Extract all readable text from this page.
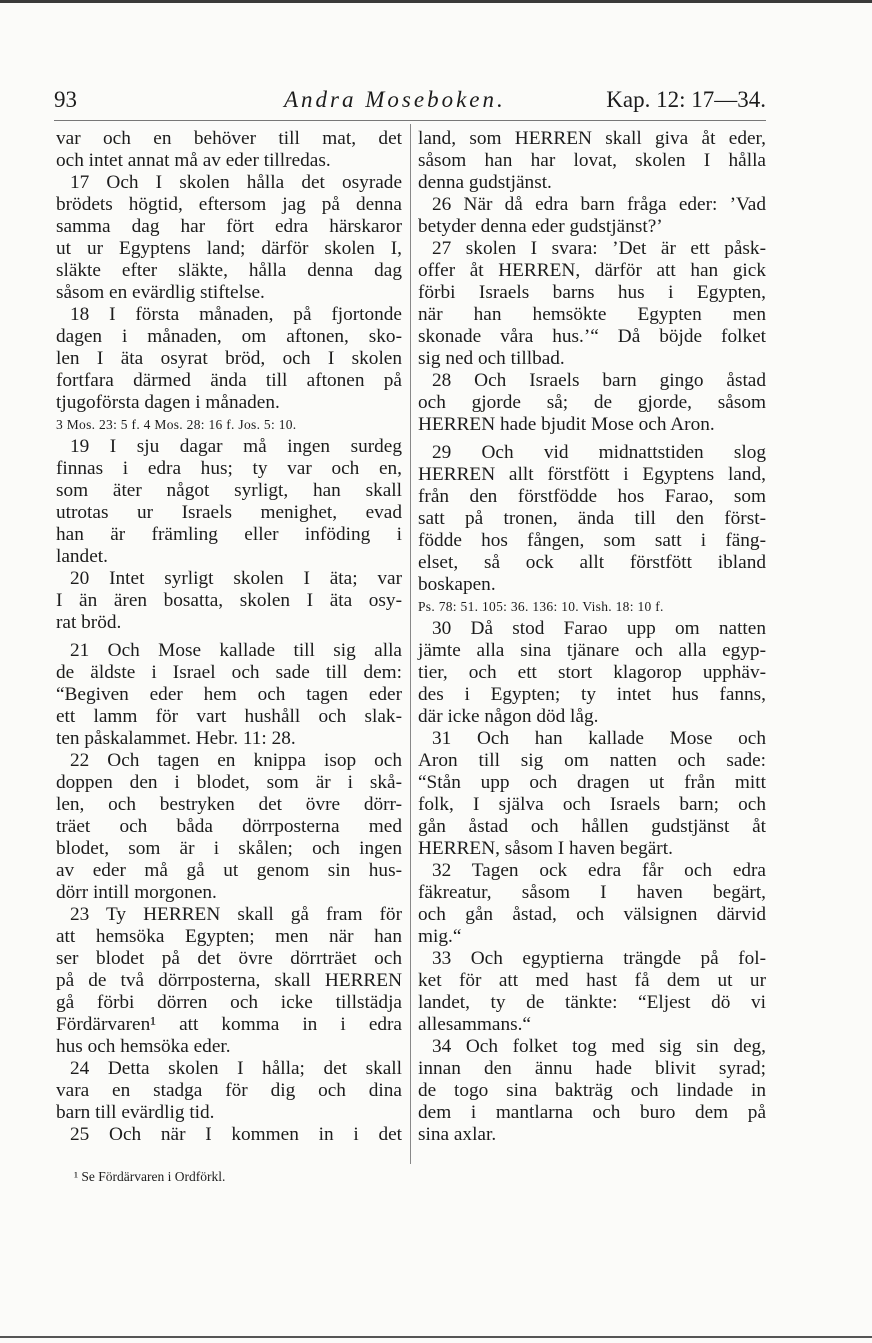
93	Andra Moseboken.	Kap. 12: 17—34.
var och en behöver till mat, det
och intet annat må av eder tillredas.
17 Och I skolen hålla det osyrade
brödets högtid, eftersom jag på denna
samma dag har fört edra härskaror
ut ur Egyptens land; därför skolen I,
släkte efter släkte, hålla denna dag
såsom en evärdlig stiftelse.
18 I första månaden, på fjortonde
dagen i månaden, om aftonen, sko-
len I äta osyrat bröd, och I skolen
fortfara därmed ända till aftonen på
tjugoförsta dagen i månaden.
3 Mos. 23: 5 f. 4 Mos. 28: 16 f. Jos. 5: 10.
19 I sju dagar må ingen surdeg
finnas i edra hus; ty var och en,
som äter något syrligt, han skall
utrotas ur Israels menighet, evad
han är främling eller inföding i
landet.
20 Intet syrligt skolen I äta; var
I än ären bosatta, skolen I äta osy-
rat bröd.
21 Och Mose kallade till sig alla
de äldste i Israel och sade till dem:
“Begiven eder hem och tagen eder
ett lamm för vart hushåll och slak-
ten påskalammet. Hebr. 11: 28.
22 Och tagen en knippa isop och
doppen den i blodet, som är i skå-
len, och bestryken det övre dörr-
träet och båda dörrposterna med
blodet, som är i skålen; och ingen
av eder må gå ut genom sin hus-
dörr intill morgonen.
23 Ty HERREN skall gå fram för
att hemsöka Egypten; men när han
ser blodet på det övre dörrträet och
på de två dörrposterna, skall HERREN
gå förbi dörren och icke tillstädja
Fördärvaren¹ att komma in i edra
hus och hemsöka eder.
24 Detta skolen I hålla; det skall
vara en stadga för dig och dina
barn till evärdlig tid.
25 Och när I kommen in i det
land, som HERREN skall giva åt eder,
såsom han har lovat, skolen I hålla
denna gudstjänst.
26 När då edra barn fråga eder: ’Vad
betyder denna eder gudstjänst?’
27 skolen I svara: ’Det är ett påsk-
offer åt HERREN, därför att han gick
förbi Israels barns hus i Egypten,
när han hemsökte Egypten men
skonade våra hus.’“ Då böjde folket
sig ned och tillbad.
28 Och Israels barn gingo åstad
och gjorde så; de gjorde, såsom
HERREN hade bjudit Mose och Aron.
29 Och vid midnattstiden slog
HERREN allt förstfött i Egyptens land,
från den förstfödde hos Farao, som
satt på tronen, ända till den först-
födde hos fången, som satt i fäng-
elset, så ock allt förstfött ibland
boskapen.
Ps. 78: 51. 105: 36. 136: 10. Vish. 18: 10 f.
30 Då stod Farao upp om natten
jämte alla sina tjänare och alla egyp-
tier, och ett stort klagorop upphäv-
des i Egypten; ty intet hus fanns,
där icke någon död låg.
31 Och han kallade Mose och
Aron till sig om natten och sade:
“Stån upp och dragen ut från mitt
folk, I själva och Israels barn; och
gån åstad och hållen gudstjänst åt
HERREN, såsom I haven begärt.
32 Tagen ock edra får och edra
fäkreatur, såsom I haven begärt,
och gån åstad, och välsignen därvid
mig.“
33 Och egyptierna trängde på fol-
ket för att med hast få dem ut ur
landet, ty de tänkte: “Eljest dö vi
allesammans.“
34 Och folket tog med sig sin deg,
innan den ännu hade blivit syrad;
de togo sina bakträg och lindade in
dem i mantlarna och buro dem på
sina axlar.
¹ Se Fördärvaren i Ordförkl.
